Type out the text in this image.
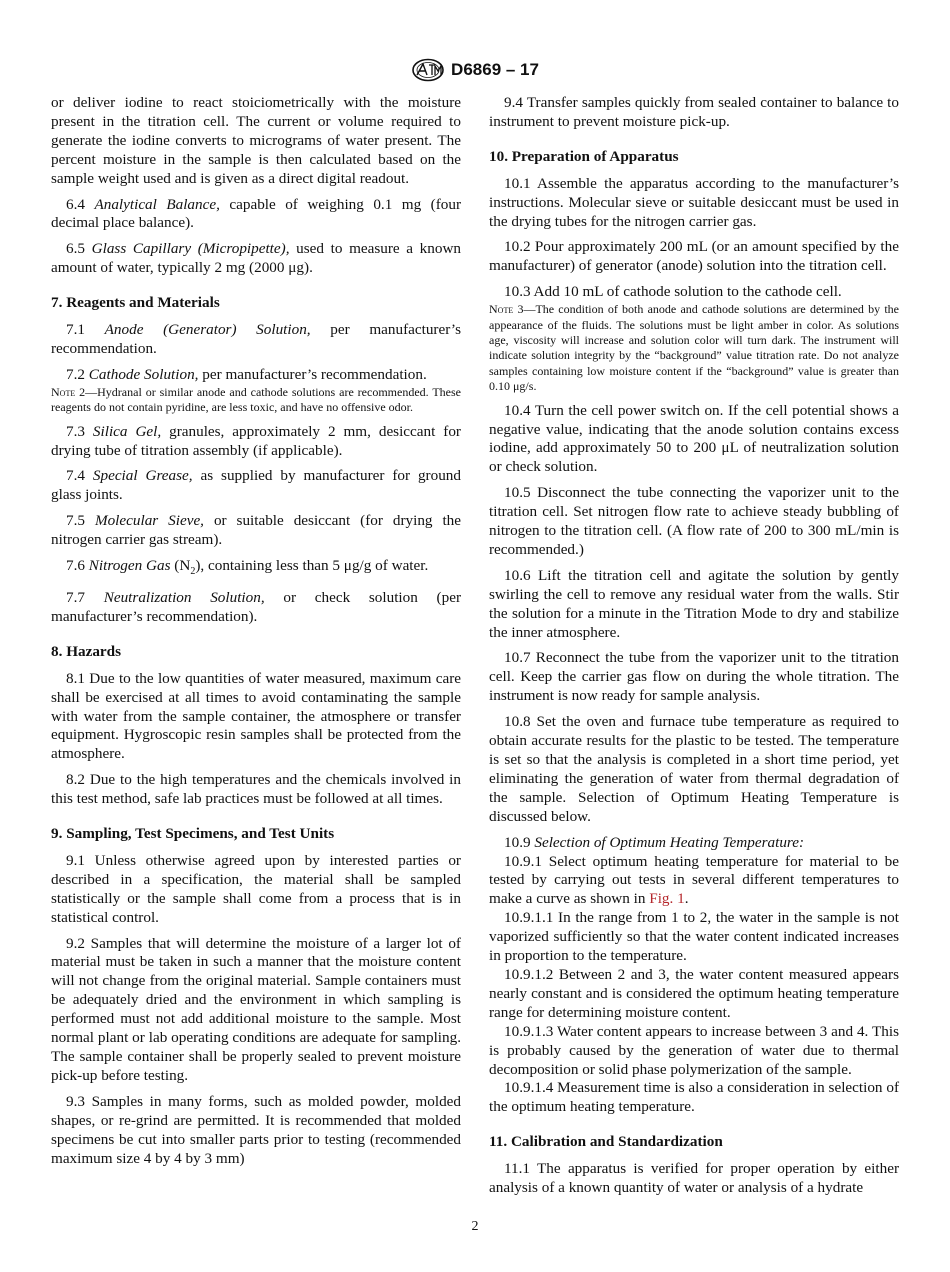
D6869 – 17

or deliver iodine to react stoiciometrically with the moisture present in the titration cell. The current or volume required to generate the iodine converts to micrograms of water present. The percent moisture in the sample is then calculated based on the sample weight used and is given as a direct digital readout.

6.4 Analytical Balance, capable of weighing 0.1 mg (four decimal place balance).

6.5 Glass Capillary (Micropipette), used to measure a known amount of water, typically 2 mg (2000 μg).

7. Reagents and Materials

7.1 Anode (Generator) Solution, per manufacturer’s recommendation.

7.2 Cathode Solution, per manufacturer’s recommendation.

Note 2—Hydranal or similar anode and cathode solutions are recommended. These reagents do not contain pyridine, are less toxic, and have no offensive odor.

7.3 Silica Gel, granules, approximately 2 mm, desiccant for drying tube of titration assembly (if applicable).

7.4 Special Grease, as supplied by manufacturer for ground glass joints.

7.5 Molecular Sieve, or suitable desiccant (for drying the nitrogen carrier gas stream).

7.6 Nitrogen Gas $(N_2)$, containing less than 5 μg/g of water.

7.7 Neutralization Solution, or check solution (per manufacturer’s recommendation).

8. Hazards

8.1 Due to the low quantities of water measured, maximum care shall be exercised at all times to avoid contaminating the sample with water from the sample container, the atmosphere or transfer equipment. Hygroscopic resin samples shall be protected from the atmosphere.

8.2 Due to the high temperatures and the chemicals involved in this test method, safe lab practices must be followed at all times.

9. Sampling, Test Specimens, and Test Units

9.1 Unless otherwise agreed upon by interested parties or described in a specification, the material shall be sampled statistically or the sample shall come from a process that is in statistical control.

9.2 Samples that will determine the moisture of a larger lot of material must be taken in such a manner that the moisture content will not change from the original material. Sample containers must be adequately dried and the environment in which sampling is performed must not add additional moisture to the sample. Most normal plant or lab operating conditions are adequate for sampling. The sample container shall be properly sealed to prevent moisture pick-up before testing.

9.3 Samples in many forms, such as molded powder, molded shapes, or re-grind are permitted. It is recommended that molded specimens be cut into smaller parts prior to testing (recommended maximum size 4 by 4 by 3 mm)

9.4 Transfer samples quickly from sealed container to balance to instrument to prevent moisture pick-up.

10. Preparation of Apparatus

10.1 Assemble the apparatus according to the manufacturer’s instructions. Molecular sieve or suitable desiccant must be used in the drying tubes for the nitrogen carrier gas.

10.2 Pour approximately 200 mL (or an amount specified by the manufacturer) of generator (anode) solution into the titration cell.

10.3 Add 10 mL of cathode solution to the cathode cell.

Note 3—The condition of both anode and cathode solutions are determined by the appearance of the fluids. The solutions must be light amber in color. As solutions age, viscosity will increase and solution color will turn dark. The instrument will indicate solution integrity by the “background” value titration rate. Do not analyze samples containing low moisture content if the “background” value is greater than 0.10 μg/s.

10.4 Turn the cell power switch on. If the cell potential shows a negative value, indicating that the anode solution contains excess iodine, add approximately 50 to 200 μL of neutralization solution or check solution.

10.5 Disconnect the tube connecting the vaporizer unit to the titration cell. Set nitrogen flow rate to achieve steady bubbling of nitrogen to the titration cell. (A flow rate of 200 to 300 mL/min is recommended.)

10.6 Lift the titration cell and agitate the solution by gently swirling the cell to remove any residual water from the walls. Stir the solution for a minute in the Titration Mode to dry and stabilize the inner atmosphere.

10.7 Reconnect the tube from the vaporizer unit to the titration cell. Keep the carrier gas flow on during the whole titration. The instrument is now ready for sample analysis.

10.8 Set the oven and furnace tube temperature as required to obtain accurate results for the plastic to be tested. The temperature is set so that the analysis is completed in a short time period, yet eliminating the generation of water from thermal degradation of the sample. Selection of Optimum Heating Temperature is discussed below.

10.9 Selection of Optimum Heating Temperature:

10.9.1 Select optimum heating temperature for material to be tested by carrying out tests in several different temperatures to make a curve as shown in Fig. 1.

10.9.1.1 In the range from 1 to 2, the water in the sample is not vaporized sufficiently so that the water content indicated increases in proportion to the temperature.

10.9.1.2 Between 2 and 3, the water content measured appears nearly constant and is considered the optimum heating temperature range for determining moisture content.

10.9.1.3 Water content appears to increase between 3 and 4. This is probably caused by the generation of water due to thermal decomposition or solid phase polymerization of the sample.

10.9.1.4 Measurement time is also a consideration in selection of the optimum heating temperature.

11. Calibration and Standardization

11.1 The apparatus is verified for proper operation by either analysis of a known quantity of water or analysis of a hydrate

2
